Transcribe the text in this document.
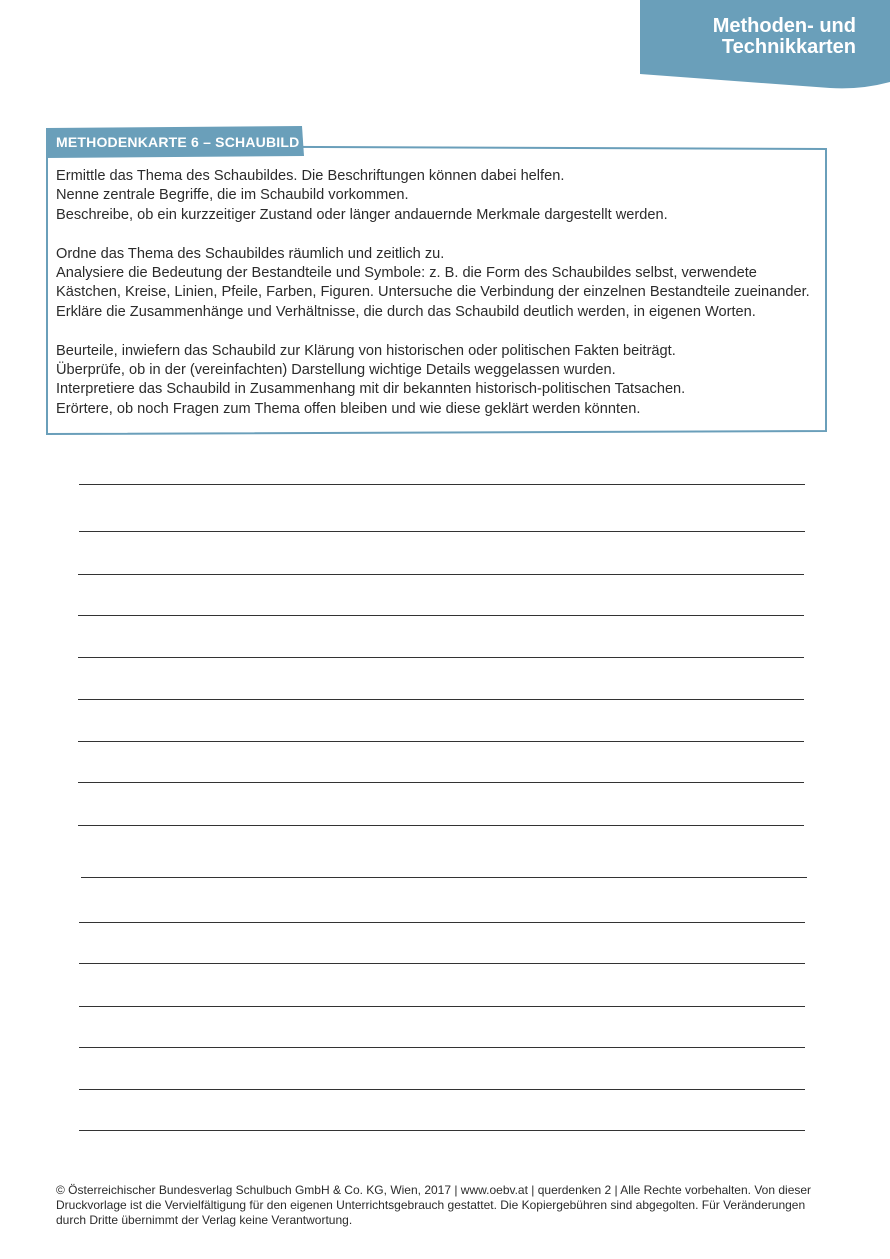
Methoden- und
Technikkarten
METHODENKARTE 6 – SCHAUBILD
Ermittle das Thema des Schaubildes. Die Beschriftungen können dabei helfen.
Nenne zentrale Begriffe, die im Schaubild vorkommen.
Beschreibe, ob ein kurzzeitiger Zustand oder länger andauernde Merkmale dargestellt werden.
Ordne das Thema des Schaubildes räumlich und zeitlich zu.
Analysiere die Bedeutung der Bestandteile und Symbole: z. B. die Form des Schaubildes selbst, verwendete
Kästchen, Kreise, Linien, Pfeile, Farben, Figuren. Untersuche die Verbindung der einzelnen Bestandteile zueinander.
Erkläre die Zusammenhänge und Verhältnisse, die durch das Schaubild deutlich werden, in eigenen Worten.
Beurteile, inwiefern das Schaubild zur Klärung von historischen oder politischen Fakten beiträgt.
Überprüfe, ob in der (vereinfachten) Darstellung wichtige Details weggelassen wurden.
Interpretiere das Schaubild in Zusammenhang mit dir bekannten historisch-politischen Tatsachen.
Erörtere, ob noch Fragen zum Thema offen bleiben und wie diese geklärt werden könnten.
© Österreichischer Bundesverlag Schulbuch GmbH & Co. KG, Wien, 2017 | www.oebv.at | querdenken 2 | Alle Rechte vorbehalten. Von dieser
Druckvorlage ist die Vervielfältigung für den eigenen Unterrichtsgebrauch gestattet. Die Kopiergebühren sind abgegolten. Für Veränderungen
durch Dritte übernimmt der Verlag keine Verantwortung.
